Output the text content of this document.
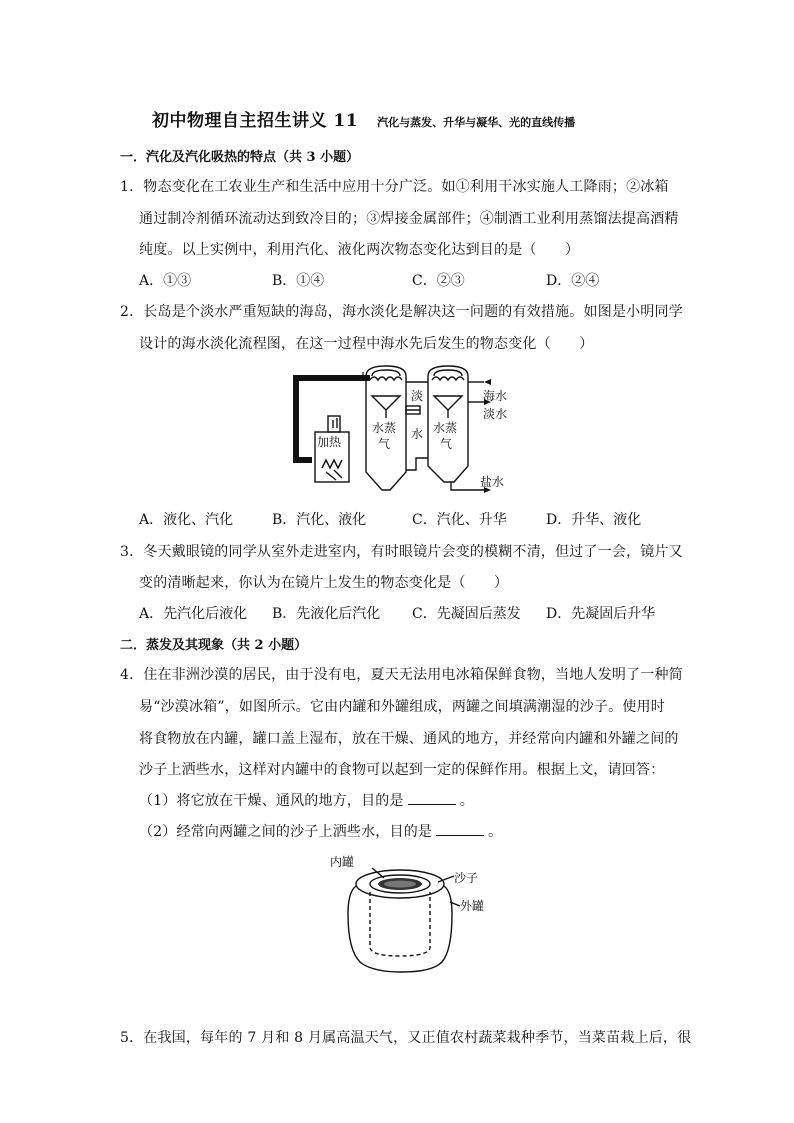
初中物理自主招生讲义 11 汽化与蒸发、升华与凝华、光的直线传播
一．汽化及汽化吸热的特点（共 3 小题）
1．物态变化在工农业生产和生活中应用十分广泛。如①利用干冰实施人工降雨；②冰箱
通过制冷剂循环流动达到致冷目的；③焊接金属部件；④制酒工业利用蒸馏法提高酒精
纯度。以上实例中，利用汽化、液化两次物态变化达到目的是（　　）
A．①③	B．①④	C．②③	D．②④
2．长岛是个淡水严重短缺的海岛，海水淡化是解决这一问题的有效措施。如图是小明同学
设计的海水淡化流程图，在这一过程中海水先后发生的物态变化（　　）
加热
水蒸
气
水蒸
气
淡
水
海水
淡水
盐水
A．液化、汽化	B．汽化、液化	C．汽化、升华	D．升华、液化
3．冬天戴眼镜的同学从室外走进室内，有时眼镜片会变的模糊不清，但过了一会，镜片又
变的清晰起来，你认为在镜片上发生的物态变化是（　　）
A．先汽化后液化 B．先液化后汽化 C．先凝固后蒸发 D．先凝固后升华
二．蒸发及其现象（共 2 小题）
4．住在非洲沙漠的居民，由于没有电，夏天无法用电冰箱保鲜食物，当地人发明了一种简
易“沙漠冰箱”，如图所示。它由内罐和外罐组成，两罐之间填满潮湿的沙子。使用时
将食物放在内罐，罐口盖上湿布，放在干燥、通风的地方，并经常向内罐和外罐之间的
沙子上洒些水，这样对内罐中的食物可以起到一定的保鲜作用。根据上文，请回答：
（1）将它放在干燥、通风的地方，目的是	。
（2）经常向两罐之间的沙子上洒些水，目的是	。
内罐
沙子
外罐
5．在我国，每年的 7 月和 8 月属高温天气，又正值农村蔬菜栽种季节，当菜苗栽上后，很
